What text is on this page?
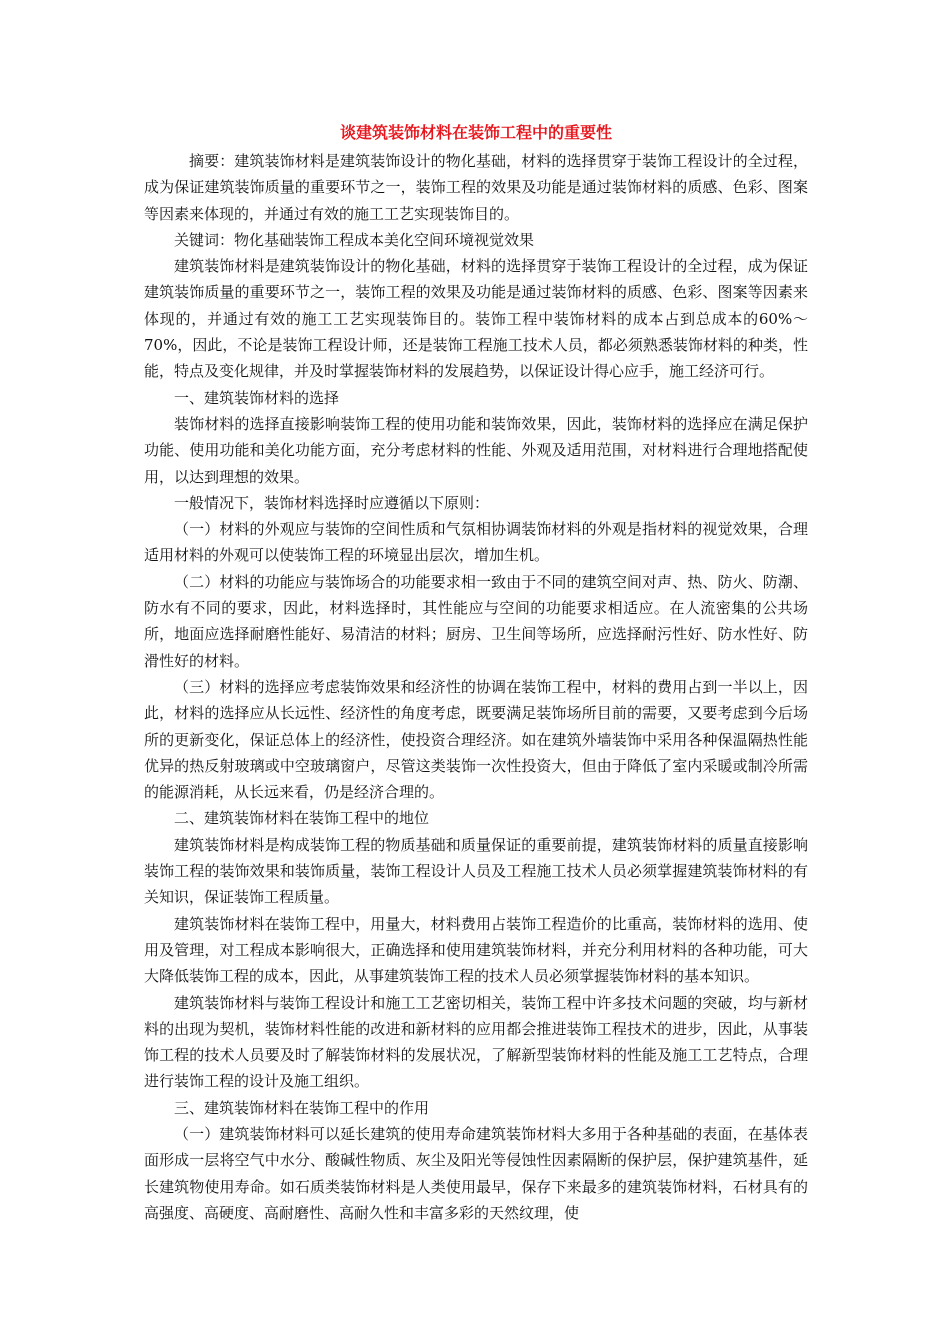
谈建筑装饰材料在装饰工程中的重要性

摘要：建筑装饰材料是建筑装饰设计的物化基础，材料的选择贯穿于装饰工程设计的全过程，成为保证建筑装饰质量的重要环节之一，装饰工程的效果及功能是通过装饰材料的质感、色彩、图案等因素来体现的，并通过有效的施工工艺实现装饰目的。

关键词：物化基础装饰工程成本美化空间环境视觉效果

建筑装饰材料是建筑装饰设计的物化基础，材料的选择贯穿于装饰工程设计的全过程，成为保证建筑装饰质量的重要环节之一，装饰工程的效果及功能是通过装饰材料的质感、色彩、图案等因素来体现的，并通过有效的施工工艺实现装饰目的。装饰工程中装饰材料的成本占到总成本的60%～70%，因此，不论是装饰工程设计师，还是装饰工程施工技术人员，都必须熟悉装饰材料的种类，性能，特点及变化规律，并及时掌握装饰材料的发展趋势，以保证设计得心应手，施工经济可行。

一、建筑装饰材料的选择

装饰材料的选择直接影响装饰工程的使用功能和装饰效果，因此，装饰材料的选择应在满足保护功能、使用功能和美化功能方面，充分考虑材料的性能、外观及适用范围，对材料进行合理地搭配使用，以达到理想的效果。

一般情况下，装饰材料选择时应遵循以下原则：

（一）材料的外观应与装饰的空间性质和气氛相协调装饰材料的外观是指材料的视觉效果，合理适用材料的外观可以使装饰工程的环境显出层次，增加生机。

（二）材料的功能应与装饰场合的功能要求相一致由于不同的建筑空间对声、热、防火、防潮、防水有不同的要求，因此，材料选择时，其性能应与空间的功能要求相适应。在人流密集的公共场所，地面应选择耐磨性能好、易清洁的材料；厨房、卫生间等场所，应选择耐污性好、防水性好、防滑性好的材料。

（三）材料的选择应考虑装饰效果和经济性的协调在装饰工程中，材料的费用占到一半以上，因此，材料的选择应从长远性、经济性的角度考虑，既要满足装饰场所目前的需要，又要考虑到今后场所的更新变化，保证总体上的经济性，使投资合理经济。如在建筑外墙装饰中采用各种保温隔热性能优异的热反射玻璃或中空玻璃窗户，尽管这类装饰一次性投资大，但由于降低了室内采暖或制冷所需的能源消耗，从长远来看，仍是经济合理的。

二、建筑装饰材料在装饰工程中的地位

建筑装饰材料是构成装饰工程的物质基础和质量保证的重要前提，建筑装饰材料的质量直接影响装饰工程的装饰效果和装饰质量，装饰工程设计人员及工程施工技术人员必须掌握建筑装饰材料的有关知识，保证装饰工程质量。

建筑装饰材料在装饰工程中，用量大，材料费用占装饰工程造价的比重高，装饰材料的选用、使用及管理，对工程成本影响很大，正确选择和使用建筑装饰材料，并充分利用材料的各种功能，可大大降低装饰工程的成本，因此，从事建筑装饰工程的技术人员必须掌握装饰材料的基本知识。

建筑装饰材料与装饰工程设计和施工工艺密切相关，装饰工程中许多技术问题的突破，均与新材料的出现为契机，装饰材料性能的改进和新材料的应用都会推进装饰工程技术的进步，因此，从事装饰工程的技术人员要及时了解装饰材料的发展状况，了解新型装饰材料的性能及施工工艺特点，合理进行装饰工程的设计及施工组织。

三、建筑装饰材料在装饰工程中的作用

（一）建筑装饰材料可以延长建筑的使用寿命建筑装饰材料大多用于各种基础的表面，在基体表面形成一层将空气中水分、酸碱性物质、灰尘及阳光等侵蚀性因素隔断的保护层，保护建筑基件，延长建筑物使用寿命。如石质类装饰材料是人类使用最早，保存下来最多的建筑装饰材料，石材具有的高强度、高硬度、高耐磨性、高耐久性和丰富多彩的天然纹理，使
